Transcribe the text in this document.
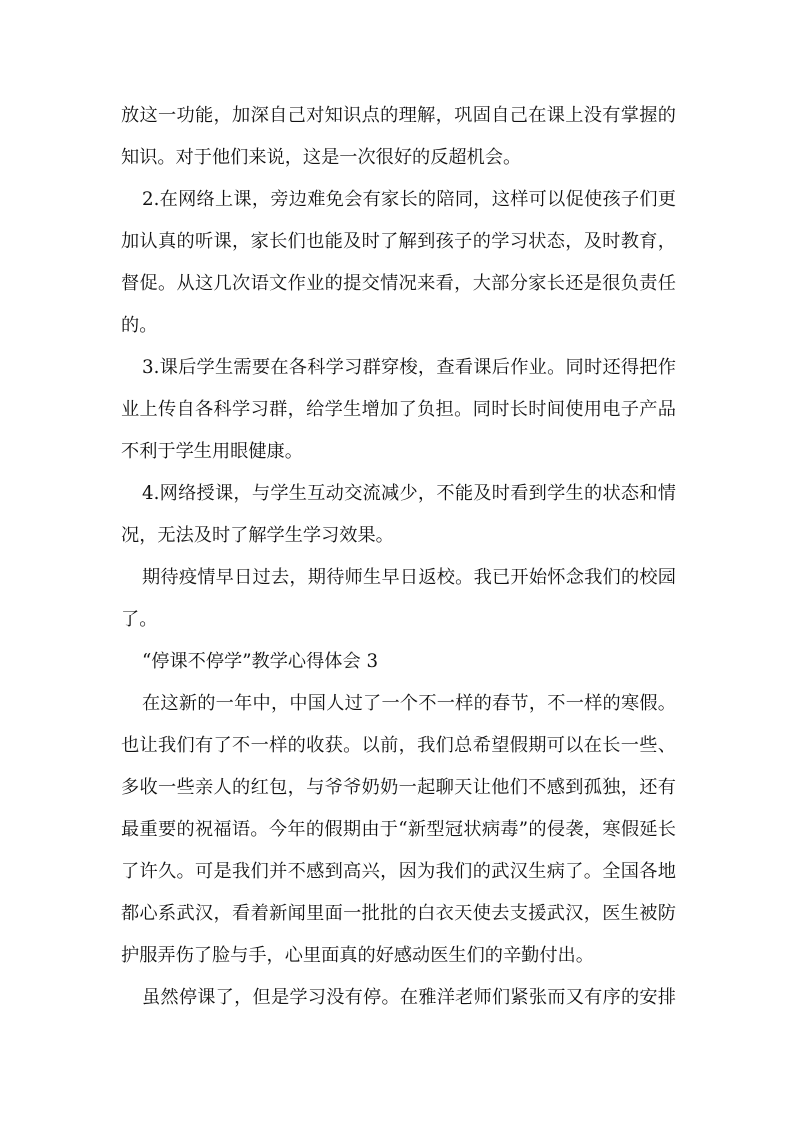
放这一功能，加深自己对知识点的理解，巩固自己在课上没有掌握的
知识。对于他们来说，这是一次很好的反超机会。
2.在网络上课，旁边难免会有家长的陪同，这样可以促使孩子们更
加认真的听课，家长们也能及时了解到孩子的学习状态，及时教育，
督促。从这几次语文作业的提交情况来看，大部分家长还是很负责任
的。
3.课后学生需要在各科学习群穿梭，查看课后作业。同时还得把作
业上传自各科学习群，给学生增加了负担。同时长时间使用电子产品
不利于学生用眼健康。
4.网络授课，与学生互动交流减少，不能及时看到学生的状态和情
况，无法及时了解学生学习效果。
期待疫情早日过去，期待师生早日返校。我已开始怀念我们的校园
了。
“停课不停学”教学心得体会 3
在这新的一年中，中国人过了一个不一样的春节，不一样的寒假。
也让我们有了不一样的收获。以前，我们总希望假期可以在长一些、
多收一些亲人的红包，与爷爷奶奶一起聊天让他们不感到孤独，还有
最重要的祝福语。今年的假期由于“新型冠状病毒”的侵袭，寒假延长
了许久。可是我们并不感到高兴，因为我们的武汉生病了。全国各地
都心系武汉，看着新闻里面一批批的白衣天使去支援武汉，医生被防
护服弄伤了脸与手，心里面真的好感动医生们的辛勤付出。
虽然停课了，但是学习没有停。在雅洋老师们紧张而又有序的安排
